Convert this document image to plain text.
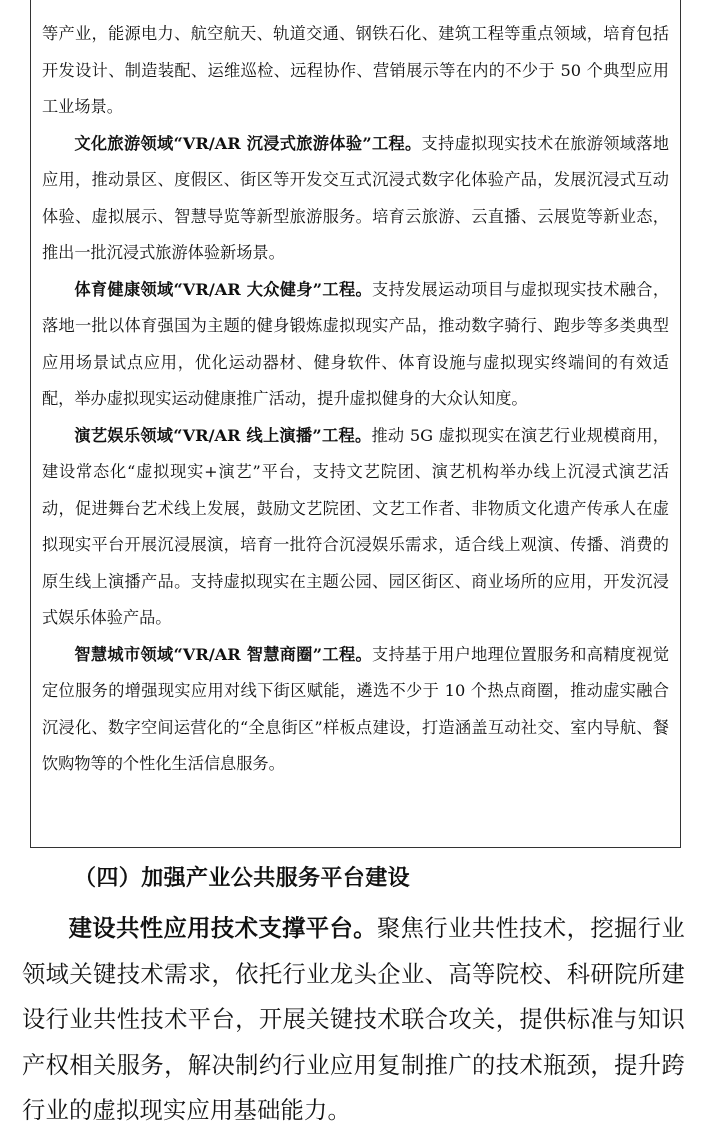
等产业，能源电力、航空航天、轨道交通、钢铁石化、建筑工程等重点领域，培育包括开发设计、制造装配、运维巡检、远程协作、营销展示等在内的不少于 50 个典型应用工业场景。

文化旅游领域“VR/AR 沉浸式旅游体验”工程。支持虚拟现实技术在旅游领域落地应用，推动景区、度假区、街区等开发交互式沉浸式数字化体验产品，发展沉浸式互动体验、虚拟展示、智慧导览等新型旅游服务。培育云旅游、云直播、云展览等新业态，推出一批沉浸式旅游体验新场景。

体育健康领域“VR/AR 大众健身”工程。支持发展运动项目与虚拟现实技术融合，落地一批以体育强国为主题的健身锻炼虚拟现实产品，推动数字骑行、跑步等多类典型应用场景试点应用，优化运动器材、健身软件、体育设施与虚拟现实终端间的有效适配，举办虚拟现实运动健康推广活动，提升虚拟健身的大众认知度。

演艺娱乐领域“VR/AR 线上演播”工程。推动 5G 虚拟现实在演艺行业规模商用，建设常态化“虚拟现实+演艺”平台，支持文艺院团、演艺机构举办线上沉浸式演艺活动，促进舞台艺术线上发展，鼓励文艺院团、文艺工作者、非物质文化遗产传承人在虚拟现实平台开展沉浸展演，培育一批符合沉浸娱乐需求，适合线上观演、传播、消费的原生线上演播产品。支持虚拟现实在主题公园、园区街区、商业场所的应用，开发沉浸式娱乐体验产品。

智慧城市领域“VR/AR 智慧商圈”工程。支持基于用户地理位置服务和高精度视觉定位服务的增强现实应用对线下街区赋能，遴选不少于 10 个热点商圈，推动虚实融合沉浸化、数字空间运营化的“全息街区”样板点建设，打造涵盖互动社交、室内导航、餐饮购物等的个性化生活信息服务。

（四）加强产业公共服务平台建设

建设共性应用技术支撑平台。聚焦行业共性技术，挖掘行业领域关键技术需求，依托行业龙头企业、高等院校、科研院所建设行业共性技术平台，开展关键技术联合攻关，提供标准与知识产权相关服务，解决制约行业应用复制推广的技术瓶颈，提升跨行业的虚拟现实应用基础能力。
